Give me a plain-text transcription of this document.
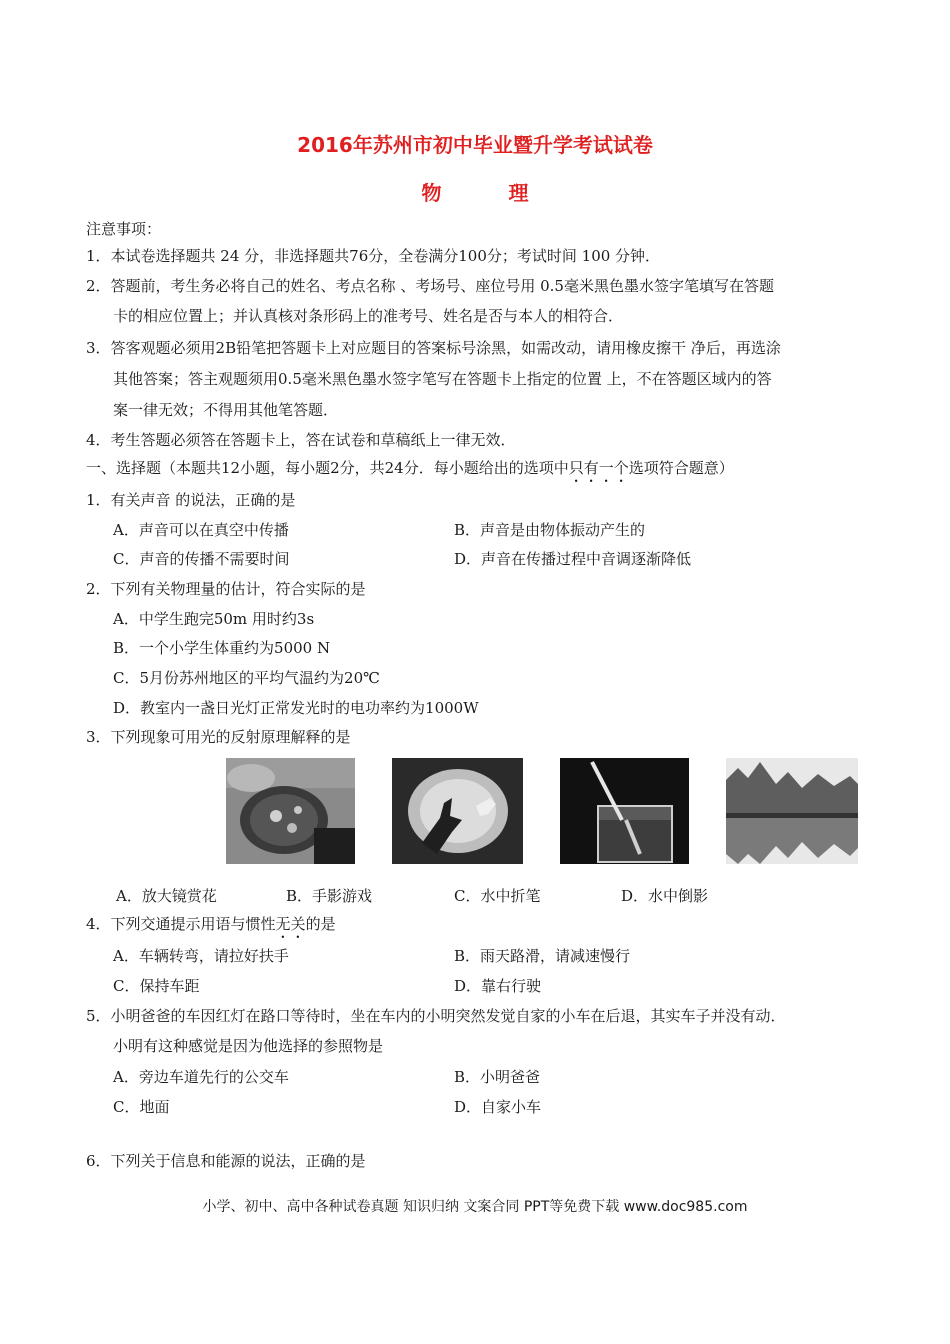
2016年苏州市初中毕业暨升学考试试卷
物 理
注意事项：
1．本试卷选择题共 24 分，非选择题共76分，全卷满分100分；考试时间 100 分钟．
2．答题前，考生务必将自己的姓名、考点名称 、考场号、座位号用 0.5毫米黑色墨水签字笔填写在答题
卡的相应位置上；并认真核对条形码上的准考号、姓名是否与本人的相符合．
3．答客观题必须用2B铅笔把答题卡上对应题目的答案标号涂黑，如需改动，请用橡皮擦干 净后，再选涂
其他答案；答主观题须用0.5毫米黑色墨水签字笔写在答题卡上指定的位置 上，不在答题区域内的答
案一律无效；不得用其他笔答题．
4．考生答题必须答在答题卡上，答在试卷和草稿纸上一律无效．
一、选择题（本题共12小题，每小题2分，共24分．每小题给出的选项中只有一个选项符合题意）
1．有关声音 的说法，正确的是
A．声音可以在真空中传播	B．声音是由物体振动产生的
C．声音的传播不需要时间	D．声音在传播过程中音调逐渐降低
2．下列有关物理量的估计，符合实际的是
A．中学生跑完50m 用时约3s
B．一个小学生体重约为5000 N
C．5月份苏州地区的平均气温约为20℃
D．教室内一盏日光灯正常发光时的电功率约为1000W
3．下列现象可用光的反射原理解释的是
A．放大镜赏花	B．手影游戏	C．水中折笔	D．水中倒影
4．下列交通提示用语与惯性无关的是
A．车辆转弯，请拉好扶手	B．雨天路滑，请减速慢行
C．保持车距	D．靠右行驶
5．小明爸爸的车因红灯在路口等待时，坐在车内的小明突然发觉自家的小车在后退，其实车子并没有动．
小明有这种感觉是因为他选择的参照物是
A．旁边车道先行的公交车	B．小明爸爸
C．地面	D．自家小车
6．下列关于信息和能源的说法，正确的是
小学、初中、高中各种试卷真题 知识归纳 文案合同 PPT等免费下载 www.doc985.com
